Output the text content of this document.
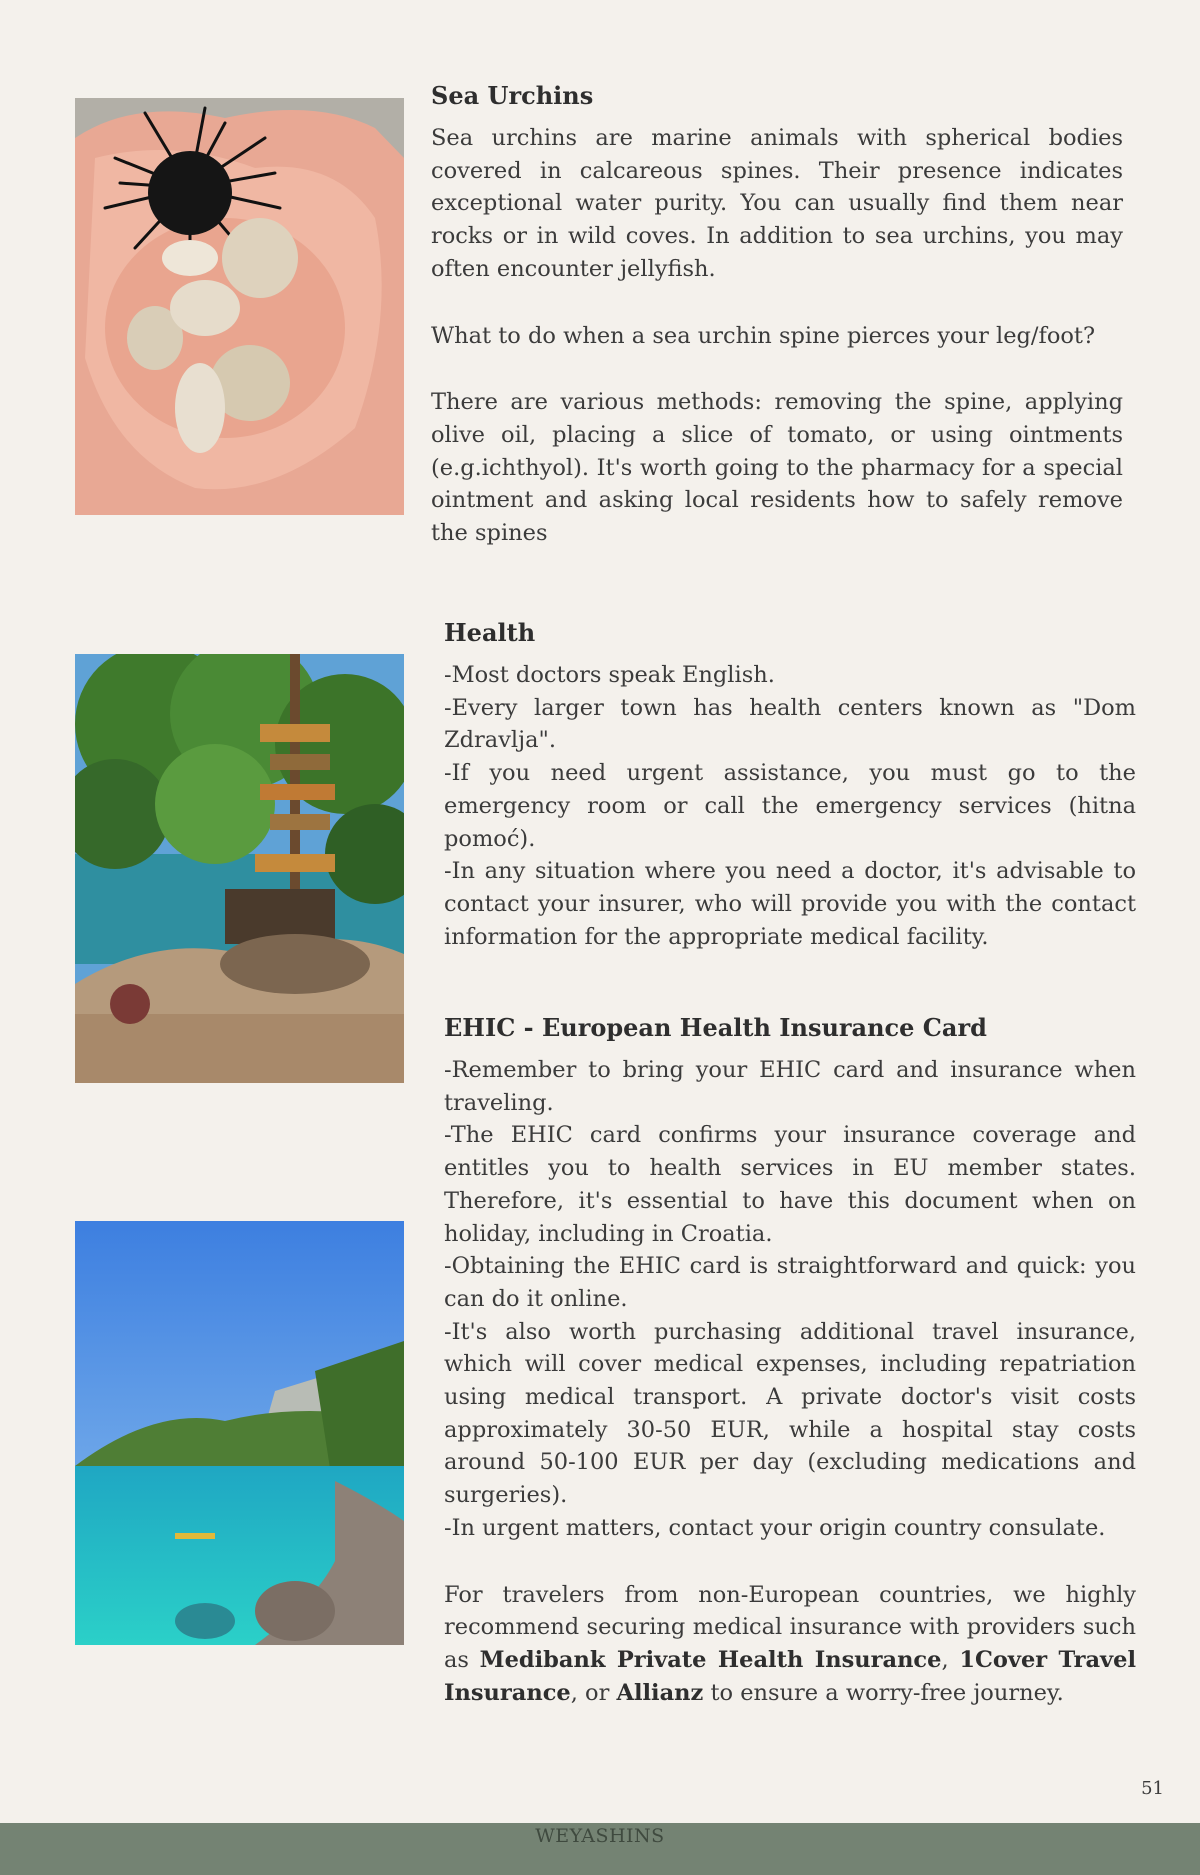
Sea Urchins

Sea urchins are marine animals with spherical bodies covered in calcareous spines. Their presence indicates exceptional water purity. You can usually find them near rocks or in wild coves. In addition to sea urchins, you may often encounter jellyfish.

What to do when a sea urchin spine pierces your leg/foot?

There are various methods: removing the spine, applying olive oil, placing a slice of tomato, or using ointments (e.g.ichthyol). It's worth going to the pharmacy for a special ointment and asking local residents how to safely remove the spines

Health

-Most doctors speak English.

-Every larger town has health centers known as "Dom Zdravlja".

-If you need urgent assistance, you must go to the emergency room or call the emergency services (hitna pomoć).

-In any situation where you need a doctor, it's advisable to contact your insurer, who will provide you with the contact information for the appropriate medical facility.

EHIC - European Health Insurance Card

-Remember to bring your EHIC card and insurance when traveling.

-The EHIC card confirms your insurance coverage and entitles you to health services in EU member states. Therefore, it's essential to have this document when on holiday, including in Croatia.

-Obtaining the EHIC card is straightforward and quick: you can do it online.

-It's also worth purchasing additional travel insurance, which will cover medical expenses, including repatriation using medical transport. A private doctor's visit costs approximately 30-50 EUR, while a hospital stay costs around 50-100 EUR per day (excluding medications and surgeries).

-In urgent matters, contact your origin country consulate.

For travelers from non-European countries, we highly recommend securing medical insurance with providers such as Medibank Private Health Insurance, 1Cover Travel Insurance, or Allianz to ensure a worry-free journey.

51
WEYASHINS
